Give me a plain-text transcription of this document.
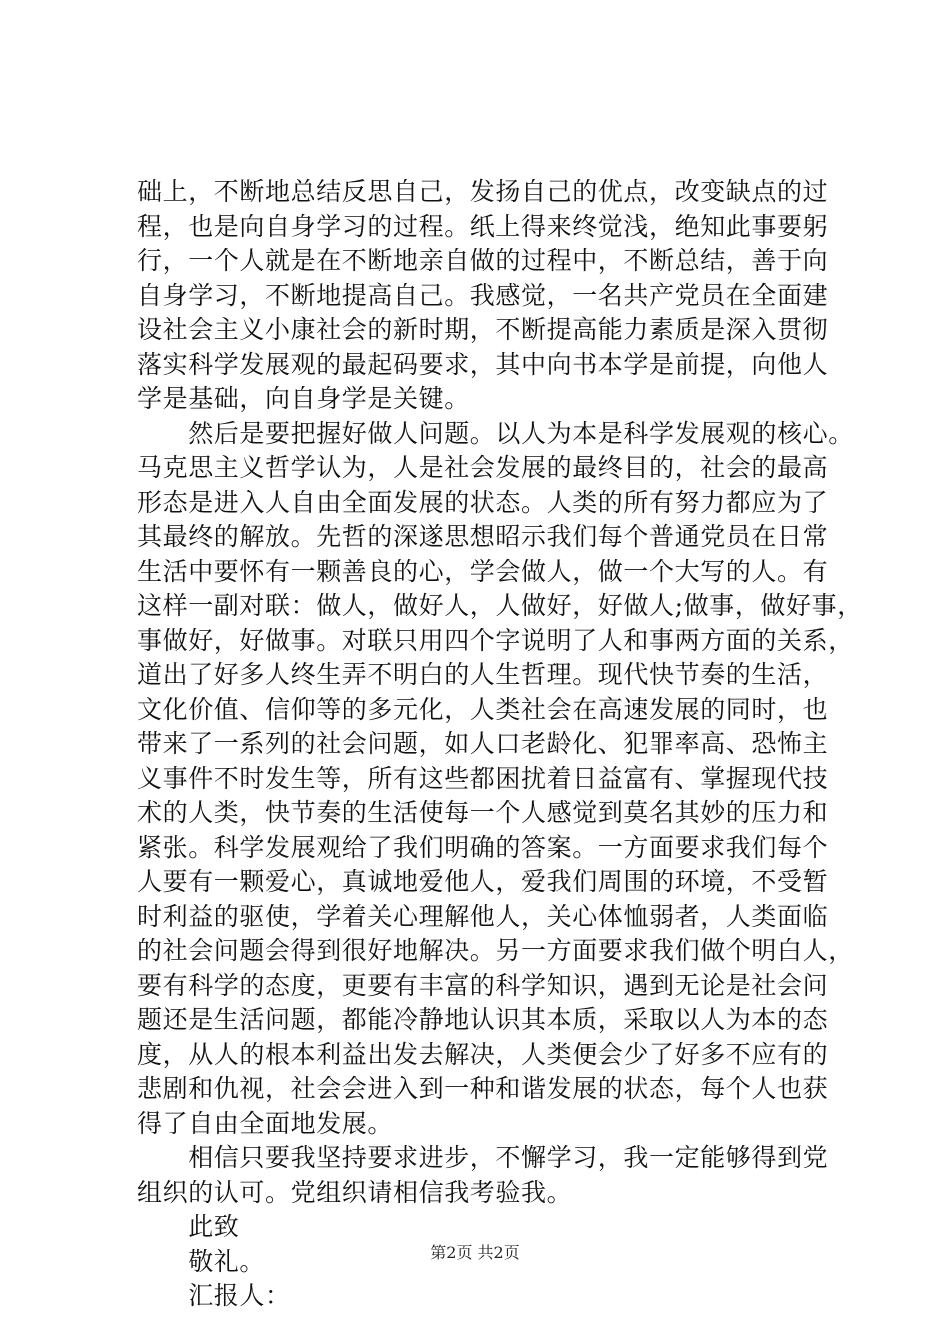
础上，不断地总结反思自己，发扬自己的优点，改变缺点的过
程，也是向自身学习的过程。纸上得来终觉浅，绝知此事要躬
行，一个人就是在不断地亲自做的过程中，不断总结，善于向
自身学习，不断地提高自己。我感觉，一名共产党员在全面建
设社会主义小康社会的新时期，不断提高能力素质是深入贯彻
落实科学发展观的最起码要求，其中向书本学是前提，向他人
学是基础，向自身学是关键。
　　然后是要把握好做人问题。以人为本是科学发展观的核心。
马克思主义哲学认为，人是社会发展的最终目的，社会的最高
形态是进入人自由全面发展的状态。人类的所有努力都应为了
其最终的解放。先哲的深遂思想昭示我们每个普通党员在日常
生活中要怀有一颗善良的心，学会做人，做一个大写的人。有
这样一副对联：做人，做好人，人做好，好做人;做事，做好事，
事做好，好做事。对联只用四个字说明了人和事两方面的关系，
道出了好多人终生弄不明白的人生哲理。现代快节奏的生活，
文化价值、信仰等的多元化，人类社会在高速发展的同时，也
带来了一系列的社会问题，如人口老龄化、犯罪率高、恐怖主
义事件不时发生等，所有这些都困扰着日益富有、掌握现代技
术的人类，快节奏的生活使每一个人感觉到莫名其妙的压力和
紧张。科学发展观给了我们明确的答案。一方面要求我们每个
人要有一颗爱心，真诚地爱他人，爱我们周围的环境，不受暂
时利益的驱使，学着关心理解他人，关心体恤弱者，人类面临
的社会问题会得到很好地解决。另一方面要求我们做个明白人，
要有科学的态度，更要有丰富的科学知识，遇到无论是社会问
题还是生活问题，都能冷静地认识其本质，采取以人为本的态
度，从人的根本利益出发去解决，人类便会少了好多不应有的
悲剧和仇视，社会会进入到一种和谐发展的状态，每个人也获
得了自由全面地发展。
　　相信只要我坚持要求进步，不懈学习，我一定能够得到党
组织的认可。党组织请相信我考验我。
　　此致
　　敬礼。
　　汇报人：
第2页 共2页
